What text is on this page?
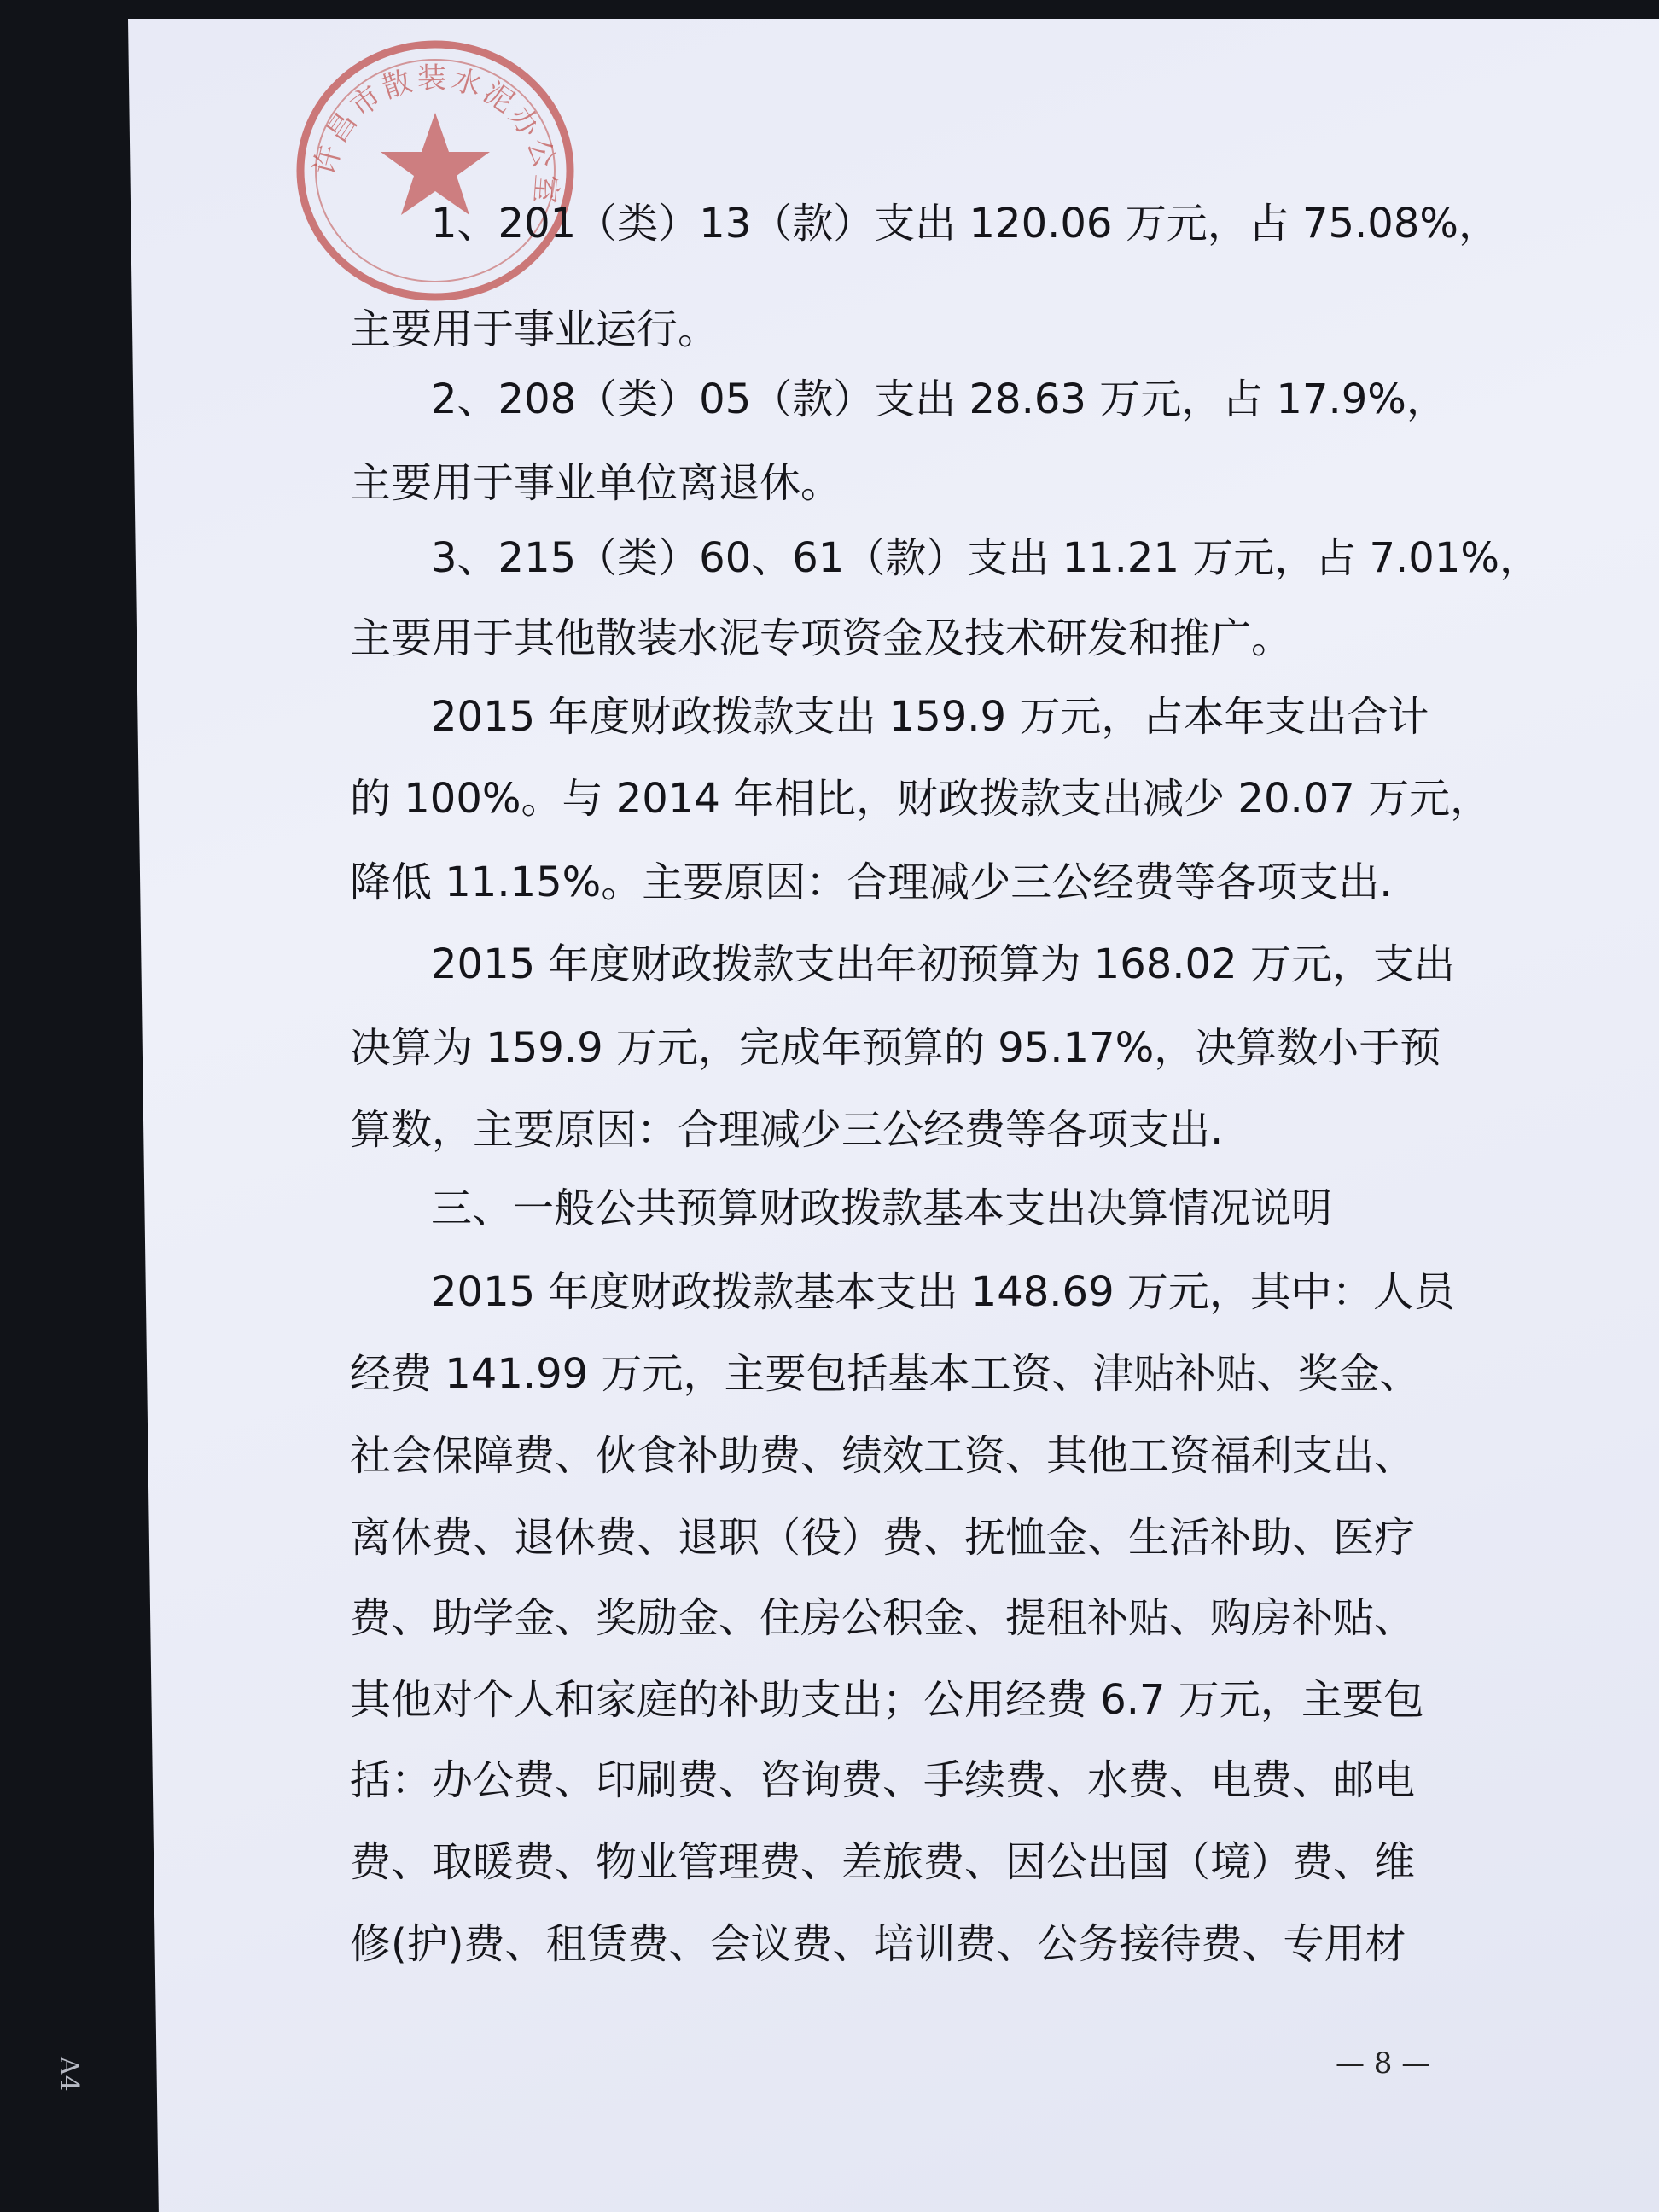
许昌市散装水泥办公室
1、201（类）13（款）支出 120.06 万元，占 75.08%，
主要用于事业运行。
2、208（类）05（款）支出 28.63 万元，占 17.9%，
主要用于事业单位离退休。
3、215（类）60、61（款）支出 11.21 万元，占 7.01%，
主要用于其他散装水泥专项资金及技术研发和推广。
2015 年度财政拨款支出 159.9 万元，占本年支出合计
的 100%。与 2014 年相比，财政拨款支出减少 20.07 万元，
降低 11.15%。主要原因：合理减少三公经费等各项支出.
2015 年度财政拨款支出年初预算为 168.02 万元，支出
决算为 159.9 万元，完成年预算的 95.17%，决算数小于预
算数，主要原因：合理减少三公经费等各项支出.
三、一般公共预算财政拨款基本支出决算情况说明
2015 年度财政拨款基本支出 148.69 万元，其中：人员
经费 141.99 万元，主要包括基本工资、津贴补贴、奖金、
社会保障费、伙食补助费、绩效工资、其他工资福利支出、
离休费、退休费、退职（役）费、抚恤金、生活补助、医疗
费、助学金、奖励金、住房公积金、提租补贴、购房补贴、
其他对个人和家庭的补助支出；公用经费 6.7 万元，主要包
括：办公费、印刷费、咨询费、手续费、水费、电费、邮电
费、取暖费、物业管理费、差旅费、因公出国（境）费、维
修(护)费、租赁费、会议费、培训费、公务接待费、专用材
— 8 —
A4
